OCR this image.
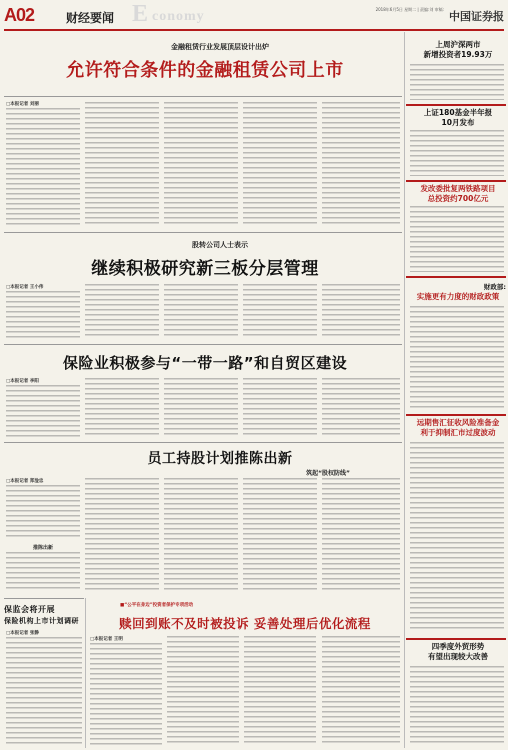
A02	财经要闻 E conomy	2018年6月5日 星期二 | 责编:刘 审稿:
中国证券报
金融租赁行业发展顶层设计出炉
允许符合条件的金融租赁公司上市
□本报记者 刘丽
股转公司人士表示
继续积极研究新三板分层管理
□本报记者 王小伟
保险业积极参与“一带一路”和自贸区建设
□本报记者 李阳
员工持股计划推陈出新
筑起“股权防线”
□本报记者 郑淦忠
推陈出新
保监会将开展
保险机构上市计划调研
□本报记者 张静
■“公平在身边”投资者保护专项活动
赎回到账不及时被投诉 妥善处理后优化流程
□本报记者 王明
上周沪深两市
新增投资者19.93万
上证180基金半年报
10月发布
发改委批复两铁路项目
总投资约700亿元
财政部:
实施更有力度的财政政策
远期售汇征收风险准备金
利于抑制汇市过度波动
四季度外贸形势
有望出现较大改善
